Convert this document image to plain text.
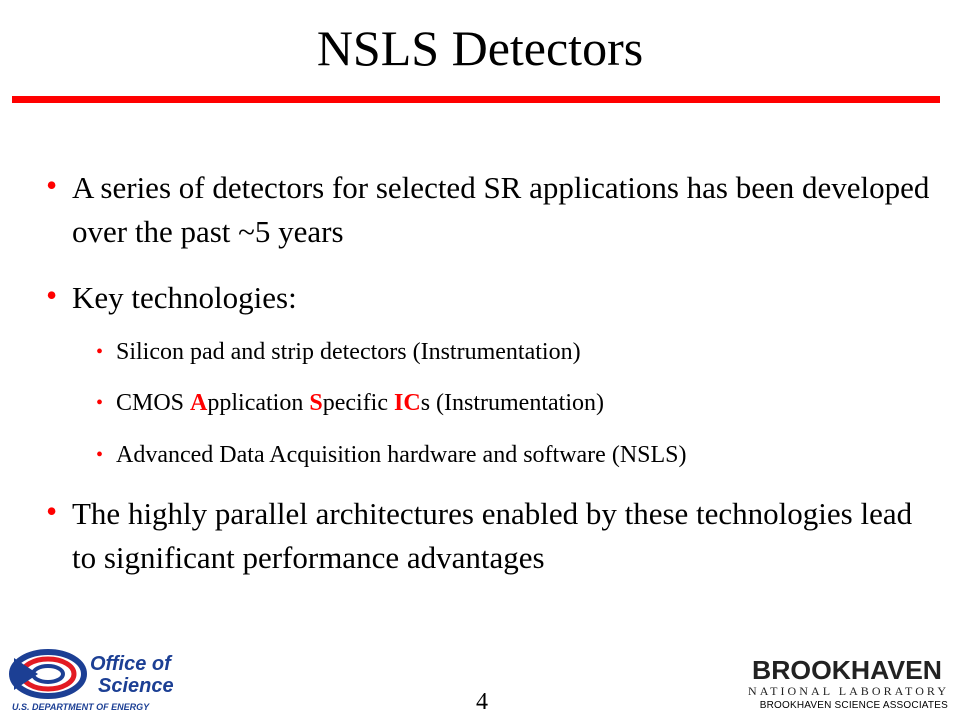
NSLS Detectors
• A series of detectors for selected SR applications has been developed over the past ~5 years
• Key technologies:
• Silicon pad and strip detectors (Instrumentation)
• CMOS Application Specific ICs (Instrumentation)
• Advanced Data Acquisition hardware and software (NSLS)
• The highly parallel architectures enabled by these technologies lead to significant performance advantages
Office of
Science
U.S. DEPARTMENT OF ENERGY	4
BROOKHAVEN
NATIONAL LABORATORY
BROOKHAVEN SCIENCE ASSOCIATES
